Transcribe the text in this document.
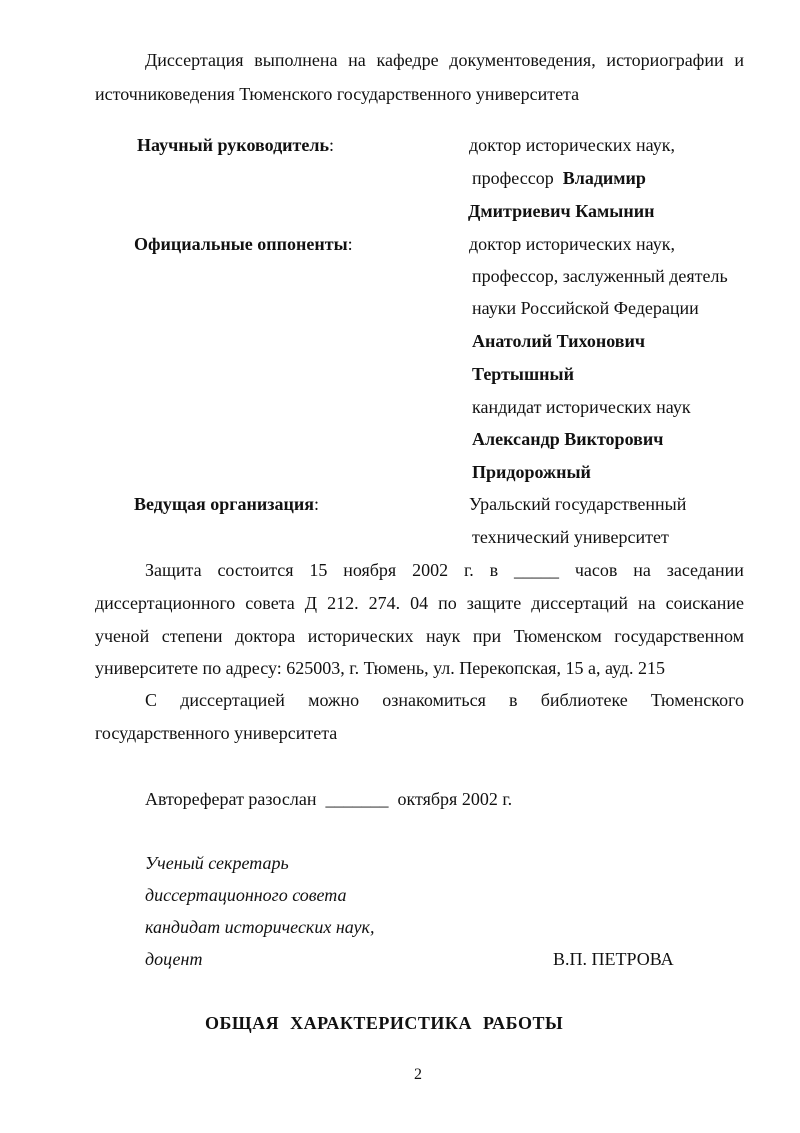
Диссертация выполнена на кафедре документоведения, историографии и
источниковедения Тюменского государственного университета
Научный руководитель:	доктор исторических наук,
профессор Владимир
Дмитриевич Камынин
Официальные оппоненты:	доктор исторических наук,
профессор, заслуженный деятель
науки Российской Федерации
Анатолий Тихонович
Тертышный
кандидат исторических наук
Александр Викторович
Придорожный
Ведущая организация:	Уральский государственный
технический университет
Защита состоится 15 ноября 2002 г. в _____ часов на заседании
диссертационного совета Д 212. 274. 04 по защите диссертаций на соискание
ученой степени доктора исторических наук при Тюменском государственном
университете по адресу: 625003, г. Тюмень, ул. Перекопская, 15 а, ауд. 215
С диссертацией можно ознакомиться в библиотеке Тюменского
государственного университета
Автореферат разослан _______ октября 2002 г.
Ученый секретарь
диссертационного совета
кандидат исторических наук,
доцент	В.П. ПЕТРОВА
ОБЩАЯ ХАРАКТЕРИСТИКА РАБОТЫ
2
